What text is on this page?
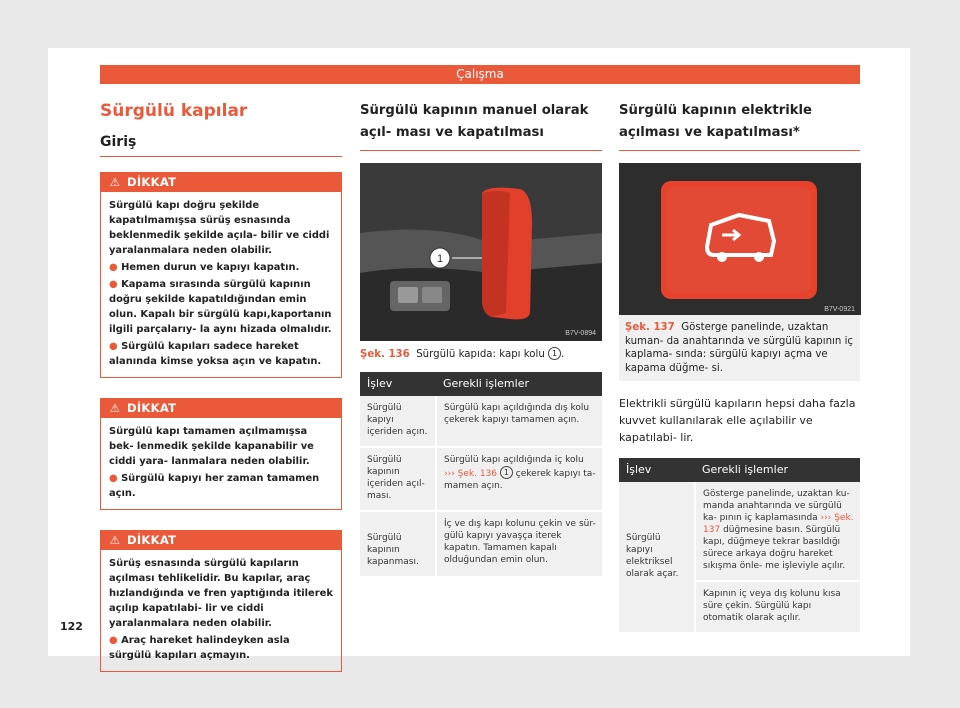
Çalışma
Sürgülü kapılar
Giriş
⚠ DİKKAT

Sürgülü kapı doğru şekilde kapatılmamışsa sürüş esnasında beklenmedik şekilde açıla- bilir ve ciddi yaralanmalara neden olabilir.

● Hemen durun ve kapıyı kapatın.

● Kapama sırasında sürgülü kapının doğru şekilde kapatıldığından emin olun. Kapalı bir sürgülü kapı,kaportanın ilgili parçalarıy- la aynı hizada olmalıdır.

● Sürgülü kapıları sadece hareket alanında kimse yoksa açın ve kapatın.

⚠ DİKKAT

Sürgülü kapı tamamen açılmamışsa bek- lenmedik şekilde kapanabilir ve ciddi yara- lanmalara neden olabilir.

● Sürgülü kapıyı her zaman tamamen açın.

⚠ DİKKAT

Sürüş esnasında sürgülü kapıların açılması tehlikelidir. Bu kapılar, araç hızlandığında ve fren yaptığında itilerek açılıp kapatılabi- lir ve ciddi yaralanmalara neden olabilir.

● Araç hareket halindeyken asla sürgülü kapıları açmayın.

Sürgülü kapının manuel olarak açıl- ması ve kapatılması
1
B7V-0894
Şek. 136 Sürgülü kapıda: kapı kolu 1 .
İşlev	Gerekli işlemler
Sürgülü kapıyı içeriden açın.	Sürgülü kapı açıldığında dış kolu çekerek kapıyı tamamen açın.
Sürgülü kapının içeriden açıl- ması.	Sürgülü kapı açıldığında iç kolu ››› Şek. 136 1 çekerek kapıyı ta- mamen açın.
Sürgülü kapının kapanması.	İç ve dış kapı kolunu çekin ve sür- gülü kapıyı yavaşça iterek kapatın. Tamamen kapalı olduğundan emin olun.
Sürgülü kapının elektrikle açılması ve kapatılması*
B7V-0921
Şek. 137 Gösterge panelinde, uzaktan kuman- da anahtarında ve sürgülü kapının iç kaplama- sında: sürgülü kapıyı açma ve kapama düğme- si.
Elektrikli sürgülü kapıların hepsi daha fazla kuvvet kullanılarak elle açılabilir ve kapatılabi- lir.
İşlev	Gerekli işlemler
Sürgülü kapıyı elektriksel olarak açar.	Gösterge panelinde, uzaktan ku- manda anahtarında ve sürgülü ka- pının iç kaplamasında ››› Şek. 137 düğmesine basın. Sürgülü kapı, düğmeye tekrar basıldığı sürece arkaya doğru hareket sıkışma önle- me işleviyle açılır.
	Kapının iç veya dış kolunu kısa süre çekin. Sürgülü kapı otomatik olarak açılır.
122
